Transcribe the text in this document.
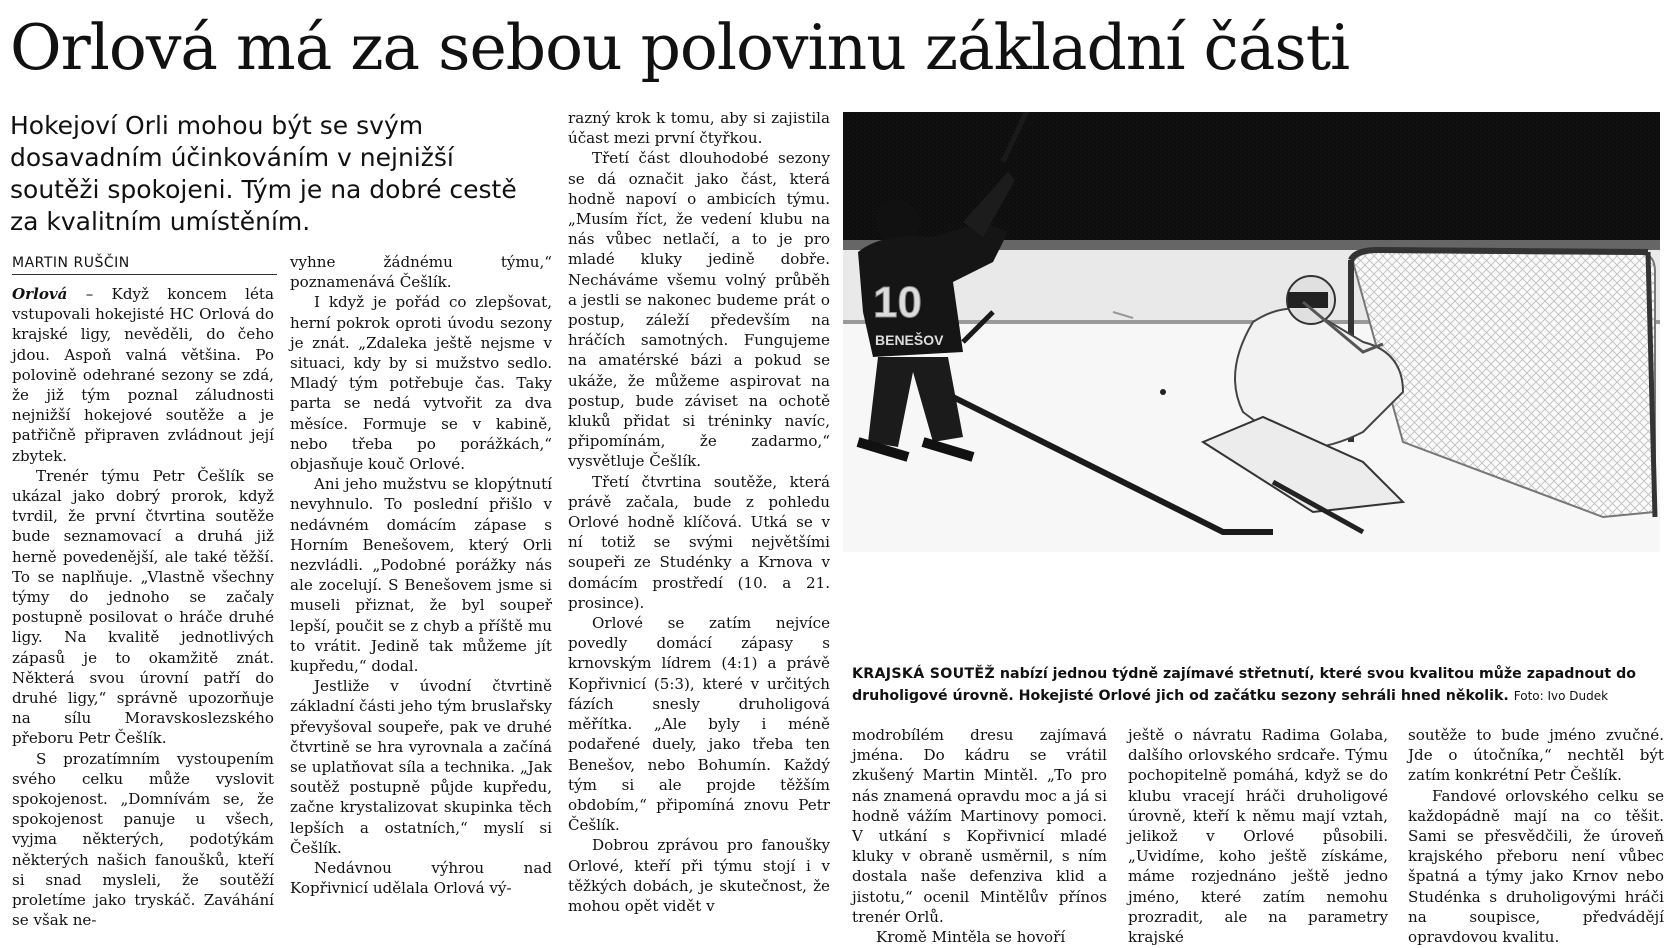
Orlová má za sebou polovinu základní části

Hokejoví Orli mohou být se svým dosavadním účinkováním v nejnižší soutěži spokojeni. Tým je na dobré cestě za kvalitním umístěním.

MARTIN RUŠČIN

Orlová – Když koncem léta vstupovali hokejisté HC Orlová do krajské ligy, nevěděli, do čeho jdou. Aspoň valná většina. Po polovině odehrané sezony se zdá, že již tým poznal záludnosti nejnižší hokejové soutěže a je patřičně připraven zvládnout její zbytek.

Trenér týmu Petr Češlík se ukázal jako dobrý prorok, když tvrdil, že první čtvrtina soutěže bude seznamovací a druhá již herně povedenější, ale také těžší. To se naplňuje. „Vlastně všechny týmy do jednoho se začaly postupně posilovat o hráče druhé ligy. Na kvalitě jednotlivých zápasů je to okamžitě znát. Některá svou úrovní patří do druhé ligy,“ správně upozorňuje na sílu Moravskoslezského přeboru Petr Češlík.

S prozatímním vystoupením svého celku může vyslovit spokojenost. „Domnívám se, že spokojenost panuje u všech, vyjma některých, podotýkám některých našich fanoušků, kteří si snad mysleli, že soutěží proletíme jako tryskáč. Zaváhání se však ne-

vyhne žádnému týmu,“ poznamenává Češlík.

I když je pořád co zlepšovat, herní pokrok oproti úvodu sezony je znát. „Zdaleka ještě nejsme v situaci, kdy by si mužstvo sedlo. Mladý tým potřebuje čas. Taky parta se nedá vytvořit za dva měsíce. Formuje se v kabině, nebo třeba po porážkách,“ objasňuje kouč Orlové.

Ani jeho mužstvu se klopýtnutí nevyhnulo. To poslední přišlo v nedávném domácím zápase s Horním Benešovem, který Orli nezvládli. „Podobné porážky nás ale zocelují. S Benešovem jsme si museli přiznat, že byl soupeř lepší, poučit se z chyb a příště mu to vrátit. Jedině tak můžeme jít kupředu,“ dodal.

Jestliže v úvodní čtvrtině základní části jeho tým bruslařsky převyšoval soupeře, pak ve druhé čtvrtině se hra vyrovnala a začíná se uplatňovat síla a technika. „Jak soutěž postupně půjde kupředu, začne krystalizovat skupinka těch lepších a ostatních,“ myslí si Češlík.

Nedávnou výhrou nad Kopřivnicí udělala Orlová vý-

razný krok k tomu, aby si zajistila účast mezi první čtyřkou.

Třetí část dlouhodobé sezony se dá označit jako část, která hodně napoví o ambicích týmu. „Musím říct, že vedení klubu na nás vůbec netlačí, a to je pro mladé kluky jedině dobře. Necháváme všemu volný průběh a jestli se nakonec budeme prát o postup, záleží především na hráčích samotných. Fungujeme na amatérské bázi a pokud se ukáže, že můžeme aspirovat na postup, bude záviset na ochotě kluků přidat si tréninky navíc, připomínám, že zadarmo,“ vysvětluje Češlík.

Třetí čtvrtina soutěže, která právě začala, bude z pohledu Orlové hodně klíčová. Utká se v ní totiž se svými největšími soupeři ze Studénky a Krnova v domácím prostředí (10. a 21. prosince).

Orlové se zatím nejvíce povedly domácí zápasy s krnovským lídrem (4:1) a právě Kopřivnicí (5:3), které v určitých fázích snesly druholigová měřítka. „Ale byly i méně podařené duely, jako třeba ten Benešov, nebo Bohumín. Každý tým si ale projde těžším obdobím,“ připomíná znovu Petr Češlík.

Dobrou zprávou pro fanoušky Orlové, kteří při týmu stojí i v těžkých dobách, je skutečnost, že mohou opět vidět v

10
BENEŠOV
KRAJSKÁ SOUTĚŽ nabízí jednou týdně zajímavé střetnutí, které svou kvalitou může zapadnout do druholigové úrovně. Hokejisté Orlové jich od začátku sezony sehráli hned několik. Foto: Ivo Dudek

modrobílém dresu zajímavá jména. Do kádru se vrátil zkušený Martin Mintěl. „To pro nás znamená opravdu moc a já si hodně vážím Martinovy pomoci. V utkání s Kopřivnicí mladé kluky v obraně usměrnil, s ním dostala naše defenziva klid a jistotu,“ ocenil Mintělův přínos trenér Orlů.

Kromě Mintěla se hovoří

ještě o návratu Radima Golaba, dalšího orlovského srdcaře. Týmu pochopitelně pomáhá, když se do klubu vracejí hráči druholigové úrovně, kteří k němu mají vztah, jelikož v Orlové působili. „Uvidíme, koho ještě získáme, máme rozjednáno ještě jedno jméno, které zatím nemohu prozradit, ale na parametry krajské

soutěže to bude jméno zvučné. Jde o útočníka,“ nechtěl být zatím konkrétní Petr Češlík.

Fandové orlovského celku se každopádně mají na co těšit. Sami se přesvědčili, že úroveň krajského přeboru není vůbec špatná a týmy jako Krnov nebo Studénka s druholigovými hráči na soupisce, předvádějí opravdovou kvalitu.
